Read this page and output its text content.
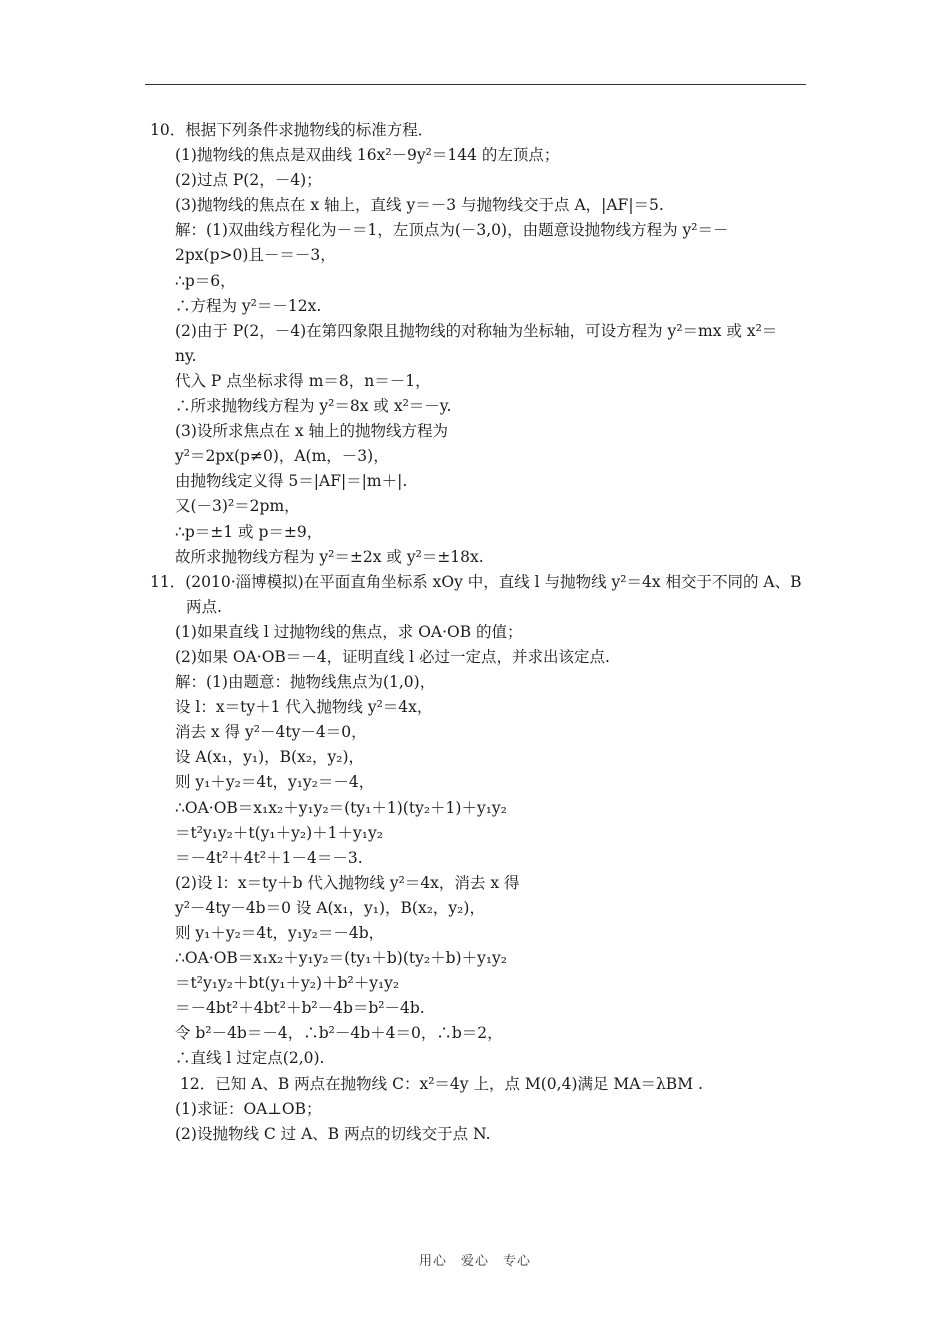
10．根据下列条件求抛物线的标准方程．
(1)抛物线的焦点是双曲线 16x²－9y²＝144 的左顶点；
(2)过点 P(2，－4)；
(3)抛物线的焦点在 x 轴上，直线 y＝－3 与抛物线交于点 A，|AF|＝5.
解：(1)双曲线方程化为－＝1，左顶点为(－3,0)，由题意设抛物线方程为 y²＝－
2px(p>0)且－＝－3，
∴p＝6，
∴方程为 y²＝－12x.
(2)由于 P(2，－4)在第四象限且抛物线的对称轴为坐标轴，可设方程为 y²＝mx 或 x²＝
ny.
代入 P 点坐标求得 m＝8，n＝－1，
∴所求抛物线方程为 y²＝8x 或 x²＝－y.
(3)设所求焦点在 x 轴上的抛物线方程为
y²＝2px(p≠0)，A(m，－3)，
由抛物线定义得 5＝|AF|＝|m＋|.
又(－3)²＝2pm，
∴p＝±1 或 p＝±9，
故所求抛物线方程为 y²＝±2x 或 y²＝±18x.
11．(2010·淄博模拟)在平面直角坐标系 xOy 中，直线 l 与抛物线 y²＝4x 相交于不同的 A、B
两点.
(1)如果直线 l 过抛物线的焦点，求 OA·OB 的值；
(2)如果 OA·OB＝－4，证明直线 l 必过一定点，并求出该定点.
解：(1)由题意：抛物线焦点为(1,0)，
设 l：x＝ty＋1 代入抛物线 y²＝4x，
消去 x 得 y²－4ty－4＝0，
设 A(x₁，y₁)，B(x₂，y₂)，
则 y₁＋y₂＝4t，y₁y₂＝－4，
∴OA·OB＝x₁x₂＋y₁y₂＝(ty₁＋1)(ty₂＋1)＋y₁y₂
＝t²y₁y₂＋t(y₁＋y₂)＋1＋y₁y₂
＝－4t²＋4t²＋1－4＝－3.
(2)设 l：x＝ty＋b 代入抛物线 y²＝4x，消去 x 得
y²－4ty－4b＝0 设 A(x₁，y₁)，B(x₂，y₂)，
则 y₁＋y₂＝4t，y₁y₂＝－4b，
∴OA·OB＝x₁x₂＋y₁y₂＝(ty₁＋b)(ty₂＋b)＋y₁y₂
＝t²y₁y₂＋bt(y₁＋y₂)＋b²＋y₁y₂
＝－4bt²＋4bt²＋b²－4b＝b²－4b.
令 b²－4b＝－4，∴b²－4b＋4＝0，∴b＝2，
∴直线 l 过定点(2,0).
12．已知 A、B 两点在抛物线 C：x²＝4y 上，点 M(0,4)满足 MA＝λBM .
(1)求证：OA⊥OB；
(2)设抛物线 C 过 A、B 两点的切线交于点 N.
用心　爱心　专心
